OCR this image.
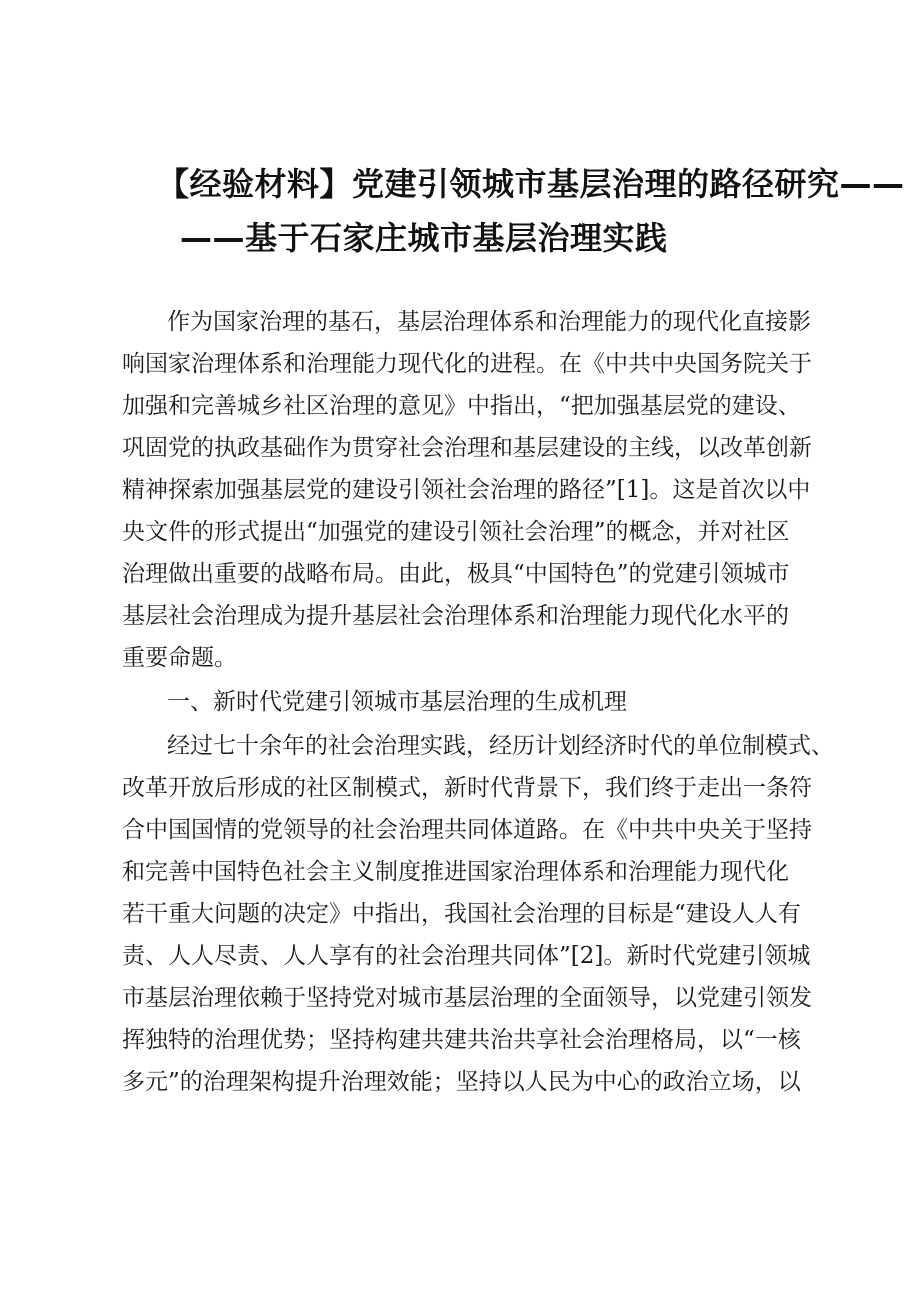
【经验材料】党建引领城市基层治理的路径研究——
——基于石家庄城市基层治理实践
作为国家治理的基石，基层治理体系和治理能力的现代化直接影
响国家治理体系和治理能力现代化的进程。在《中共中央国务院关于
加强和完善城乡社区治理的意见》中指出，“把加强基层党的建设、
巩固党的执政基础作为贯穿社会治理和基层建设的主线，以改革创新
精神探索加强基层党的建设引领社会治理的路径”[1]。这是首次以中
央文件的形式提出“加强党的建设引领社会治理”的概念，并对社区
治理做出重要的战略布局。由此，极具“中国特色”的党建引领城市
基层社会治理成为提升基层社会治理体系和治理能力现代化水平的
重要命题。
一、新时代党建引领城市基层治理的生成机理
经过七十余年的社会治理实践，经历计划经济时代的单位制模式、
改革开放后形成的社区制模式，新时代背景下，我们终于走出一条符
合中国国情的党领导的社会治理共同体道路。在《中共中央关于坚持
和完善中国特色社会主义制度推进国家治理体系和治理能力现代化
若干重大问题的决定》中指出，我国社会治理的目标是“建设人人有
责、人人尽责、人人享有的社会治理共同体”[2]。新时代党建引领城
市基层治理依赖于坚持党对城市基层治理的全面领导，以党建引领发
挥独特的治理优势；坚持构建共建共治共享社会治理格局，以“一核
多元”的治理架构提升治理效能；坚持以人民为中心的政治立场，以
